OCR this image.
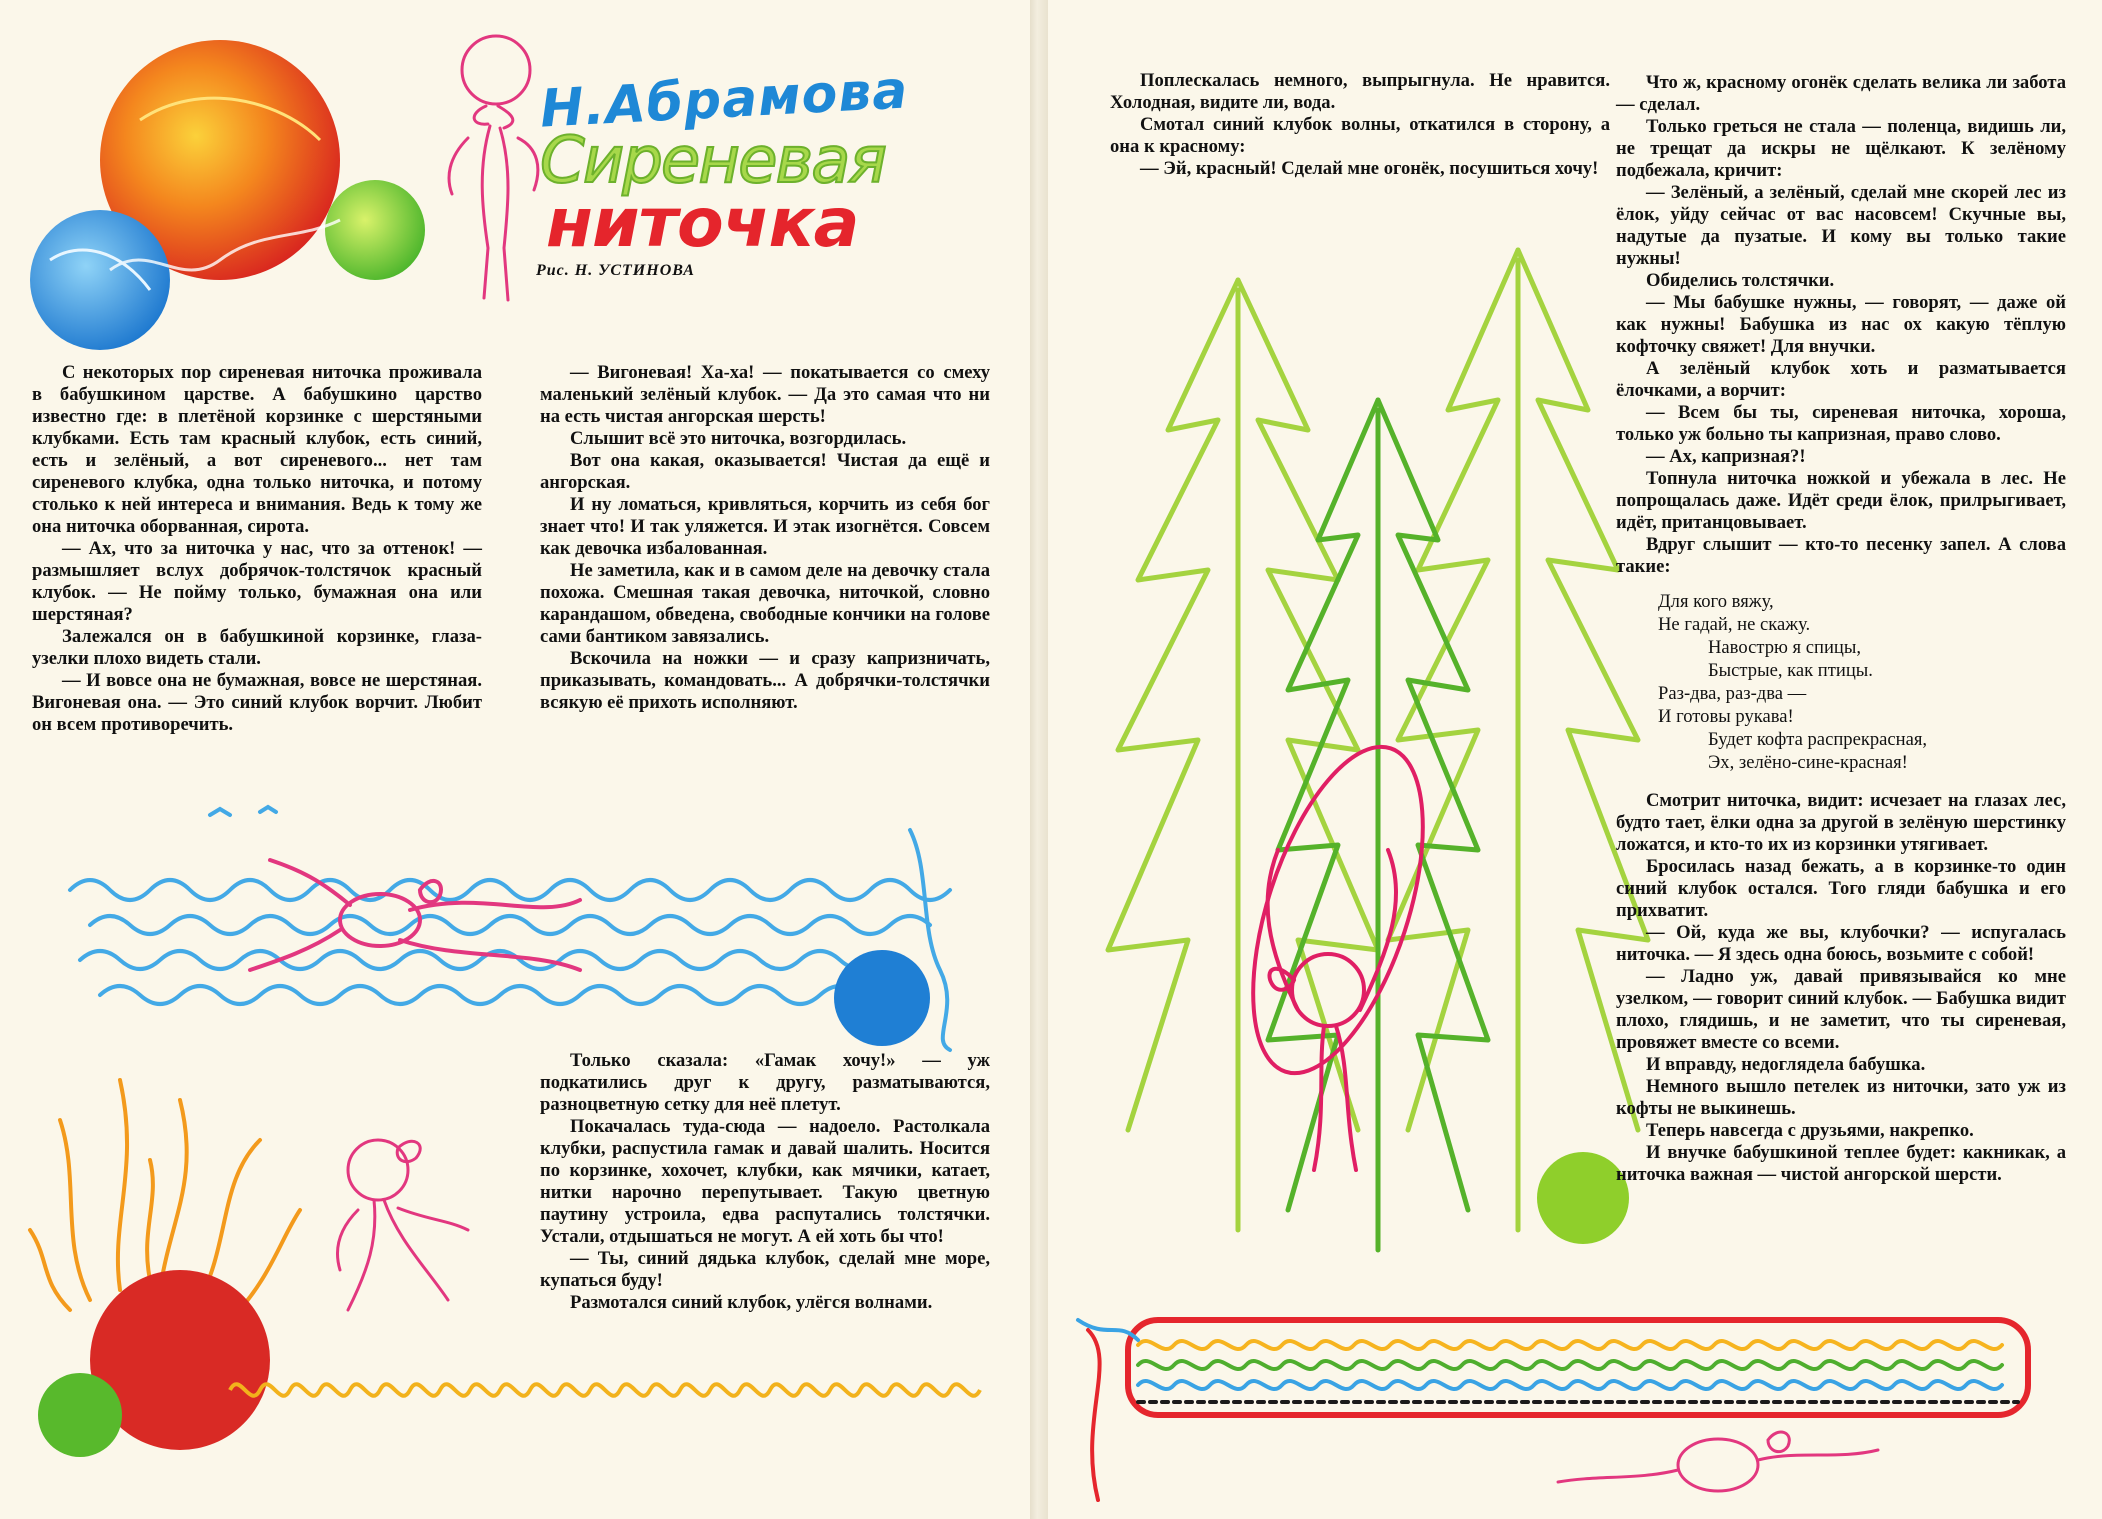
Н.Абрамова
Сиреневая
ниточка
Рис. Н. УСТИНОВА

С некоторых пор сиреневая ниточка проживала в бабушкином царстве. А бабушкино царство известно где: в плетёной корзинке с шерстяными клубками. Есть там красный клубок, есть синий, есть и зелёный, а вот сиреневого... нет там сиреневого клубка, одна только ниточка, и потому столько к ней интереса и внимания. Ведь к тому же она ниточка оборванная, сирота.

— Ах, что за ниточка у нас, что за оттенок! — размышляет вслух добрячок-толстячок красный клубок. — Не пойму только, бумажная она или шерстяная?

Залежался он в бабушкиной корзинке, глаза-узелки плохо видеть стали.

— И вовсе она не бумажная, вовсе не шерстяная. Вигоневая она. — Это синий клубок ворчит. Любит он всем противоречить.

— Вигоневая! Ха-ха! — покатывается со смеху маленький зелёный клубок. — Да это самая что ни на есть чистая ангорская шерсть!

Слышит всё это ниточка, возгордилась.

Вот она какая, оказывается! Чистая да ещё и ангорская.

И ну ломаться, кривляться, корчить из себя бог знает что! И так уляжется. И этак изогнётся. Совсем как девочка избалованная.

Не заметила, как и в самом деле на девочку стала похожа. Смешная такая девочка, ниточкой, словно карандашом, обведена, свободные кончики на голове сами бантиком завязались.

Вскочила на ножки — и сразу капризничать, приказывать, командовать... А добрячки-толстячки всякую её прихоть исполняют.

Только сказала: «Гамак хочу!» — уж подкатились друг к другу, разматываются, разноцветную сетку для неё плетут.

Покачалась туда-сюда — надоело. Растолкала клубки, распустила гамак и давай шалить. Носится по корзинке, хохочет, клубки, как мячики, катает, нитки нарочно перепутывает. Такую цветную паутину устроила, едва распутались толстячки. Устали, отдышаться не могут. А ей хоть бы что!

— Ты, синий дядька клубок, сделай мне море, купаться буду!

Размотался синий клубок, улёгся волнами.

Поплескалась немного, выпрыгнула. Не нравится. Холодная, видите ли, вода.

Смотал синий клубок волны, откатился в сторону, а она к красному:

— Эй, красный! Сделай мне огонёк, посушиться хочу!

Что ж, красному огонёк сделать велика ли забота — сделал.

Только греться не стала — поленца, видишь ли, не трещат да искры не щёлкают. К зелёному подбежала, кричит:

— Зелёный, а зелёный, сделай мне скорей лес из ёлок, уйду сейчас от вас насовсем! Скучные вы, надутые да пузатые. И кому вы только такие нужны!

Обиделись толстячки.

— Мы бабушке нужны, — говорят, — даже ой как нужны! Бабушка из нас ох какую тёплую кофточку свяжет! Для внучки.

А зелёный клубок хоть и разматывается ёлочками, а ворчит:

— Всем бы ты, сиреневая ниточка, хороша, только уж больно ты капризная, право слово.

— Ах, капризная?!

Топнула ниточка ножкой и убежала в лес. Не попрощалась даже. Идёт среди ёлок, прилрыгивает, идёт, пританцовывает.

Вдруг слышит — кто-то песенку запел. А слова такие:

Для кого вяжу,
Не гадай, не скажу.
Навострю я спицы,
Быстрые, как птицы.
Раз-два, раз-два —
И готовы рукава!
Будет кофта распрекрасная,
Эх, зелёно-сине-красная!

Смотрит ниточка, видит: исчезает на глазах лес, будто тает, ёлки одна за другой в зелёную шерстинку ложатся, и кто-то их из корзинки утягивает.

Бросилась назад бежать, а в корзинке-то один синий клубок остался. Того гляди бабушка и его прихватит.

— Ой, куда же вы, клубочки? — испугалась ниточка. — Я здесь одна боюсь, возьмите с собой!

— Ладно уж, давай привязывайся ко мне узелком, — говорит синий клубок. — Бабушка видит плохо, глядишь, и не заметит, что ты сиреневая, провяжет вместе со всеми.

И вправду, недоглядела бабушка.

Немного вышло петелек из ниточки, зато уж из кофты не выкинешь.

Теперь навсегда с друзьями, накрепко.

И внучке бабушкиной теплее будет: какникак, а ниточка важная — чистой ангорской шерсти.
